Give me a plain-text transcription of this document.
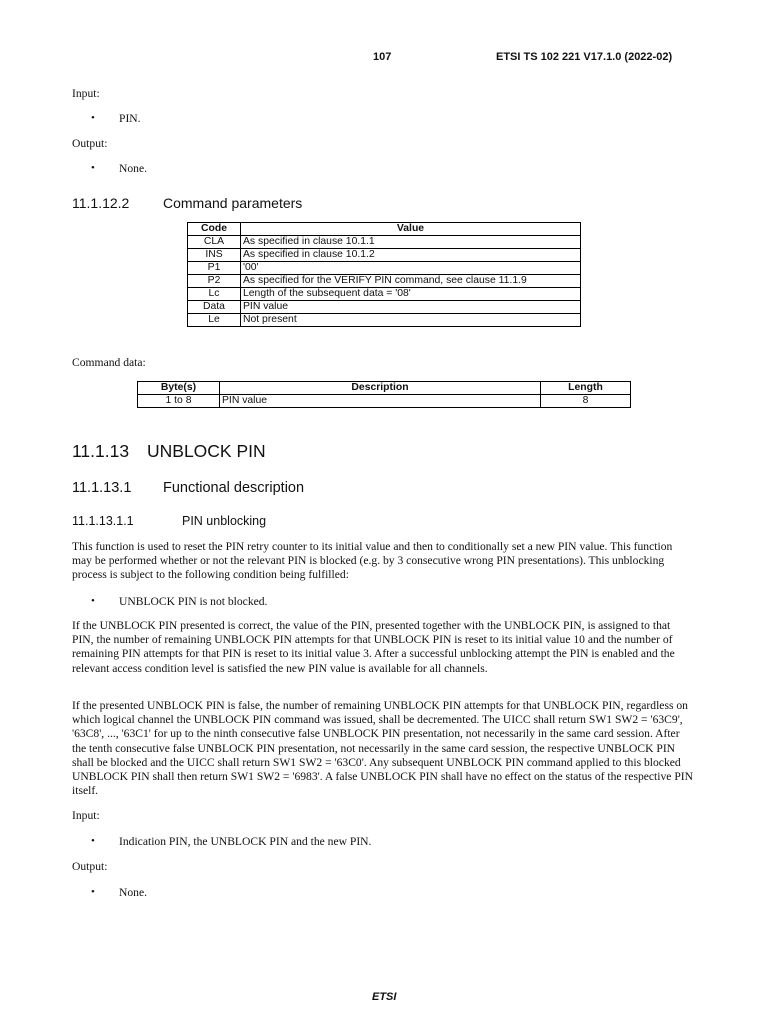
107	ETSI TS 102 221 V17.1.0 (2022-02)
Input:
• PIN.
Output:
• None.
11.1.12.2 Command parameters
Code	Value
CLA	As specified in clause 10.1.1
INS	As specified in clause 10.1.2
P1	'00'
P2	As specified for the VERIFY PIN command, see clause 11.1.9
Lc	Length of the subsequent data = '08'
Data	PIN value
Le	Not present
Command data:
Byte(s)	Description	Length
1 to 8	PIN value	8
11.1.13 UNBLOCK PIN
11.1.13.1 Functional description
11.1.13.1.1	PIN unblocking
This function is used to reset the PIN retry counter to its initial value and then to conditionally set a new PIN value. This function may be performed whether or not the relevant PIN is blocked (e.g. by 3 consecutive wrong PIN presentations). This unblocking process is subject to the following condition being fulfilled:
• UNBLOCK PIN is not blocked.
If the UNBLOCK PIN presented is correct, the value of the PIN, presented together with the UNBLOCK PIN, is assigned to that PIN, the number of remaining UNBLOCK PIN attempts for that UNBLOCK PIN is reset to its initial value 10 and the number of remaining PIN attempts for that PIN is reset to its initial value 3. After a successful unblocking attempt the PIN is enabled and the relevant access condition level is satisfied the new PIN value is available for all channels.
If the presented UNBLOCK PIN is false, the number of remaining UNBLOCK PIN attempts for that UNBLOCK PIN, regardless on which logical channel the UNBLOCK PIN command was issued, shall be decremented. The UICC shall return SW1 SW2 = '63C9', '63C8', ..., '63C1' for up to the ninth consecutive false UNBLOCK PIN presentation, not necessarily in the same card session. After the tenth consecutive false UNBLOCK PIN presentation, not necessarily in the same card session, the respective UNBLOCK PIN shall be blocked and the UICC shall return SW1 SW2 = '63C0'. Any subsequent UNBLOCK PIN command applied to this blocked UNBLOCK PIN shall then return SW1 SW2 = '6983'. A false UNBLOCK PIN shall have no effect on the status of the respective PIN itself.
Input:
• Indication PIN, the UNBLOCK PIN and the new PIN.
Output:
• None.
ETSI
